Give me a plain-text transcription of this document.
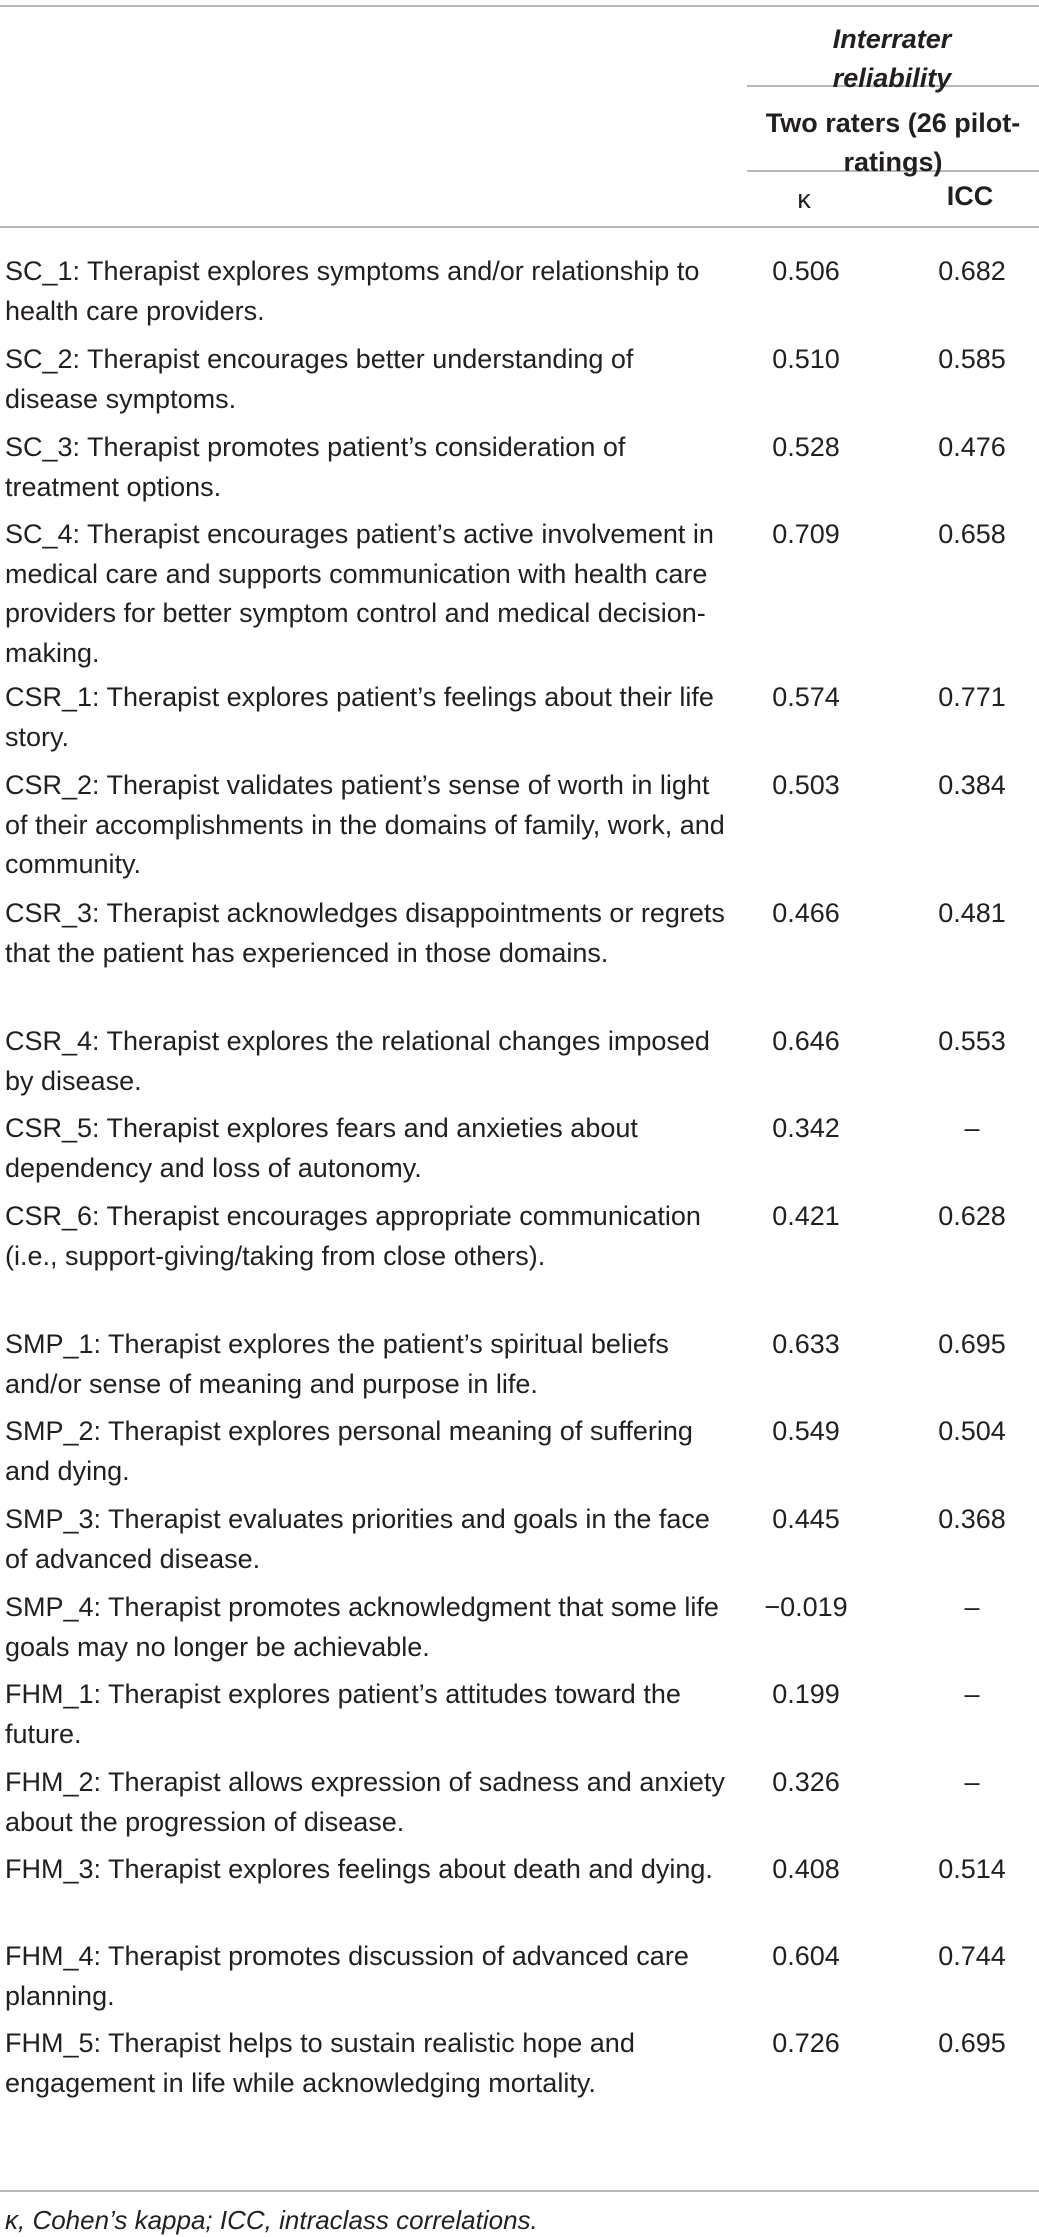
Interrater reliability
Two raters (26 pilot-ratings)
κ	ICC
SC_1: Therapist explores symptoms and/or relationship to health care providers.
0.506	0.682
SC_2: Therapist encourages better understanding of disease symptoms.
0.510	0.585
SC_3: Therapist promotes patient’s consideration of treatment options.
0.528	0.476
SC_4: Therapist encourages patient’s active involvement in medical care and supports communication with health care providers for better symptom control and medical decision-making.
0.709	0.658
CSR_1: Therapist explores patient’s feelings about their life story.
0.574	0.771
CSR_2: Therapist validates patient’s sense of worth in light of their accomplishments in the domains of family, work, and community.
0.503	0.384
CSR_3: Therapist acknowledges disappointments or regrets that the patient has experienced in those domains.
0.466	0.481
CSR_4: Therapist explores the relational changes imposed by disease.
0.646	0.553
CSR_5: Therapist explores fears and anxieties about dependency and loss of autonomy.
0.342	–
CSR_6: Therapist encourages appropriate communication (i.e., support-giving/taking from close others).
0.421	0.628
SMP_1: Therapist explores the patient’s spiritual beliefs and/or sense of meaning and purpose in life.
0.633	0.695
SMP_2: Therapist explores personal meaning of suffering and dying.
0.549	0.504
SMP_3: Therapist evaluates priorities and goals in the face of advanced disease.
0.445	0.368
SMP_4: Therapist promotes acknowledgment that some life goals may no longer be achievable.
−0.019	–
FHM_1: Therapist explores patient’s attitudes toward the future.
0.199	–
FHM_2: Therapist allows expression of sadness and anxiety about the progression of disease.
0.326	–
FHM_3: Therapist explores feelings about death and dying.	0.408	0.514
FHM_4: Therapist promotes discussion of advanced care planning.
0.604	0.744
FHM_5: Therapist helps to sustain realistic hope and engagement in life while acknowledging mortality.
0.726	0.695
κ, Cohen’s kappa; ICC, intraclass correlations.
